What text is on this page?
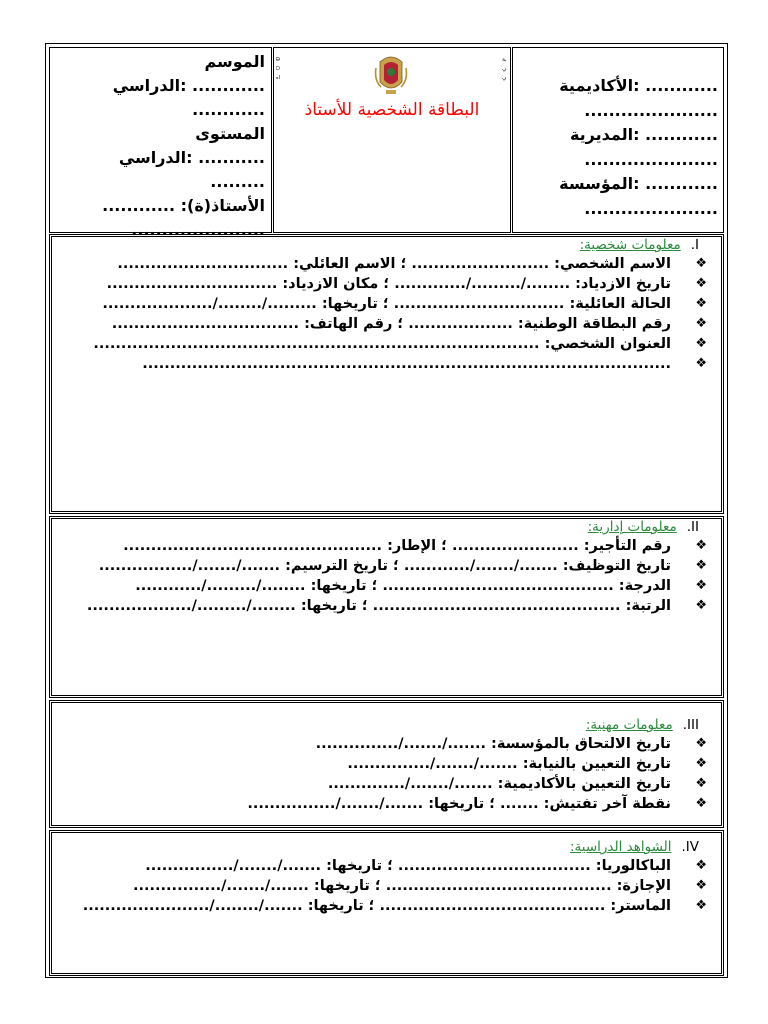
............ :الأكاديمية ......................
............ :المديرية ......................
............ :المؤسسة ......................
ⴱ
ⵔ
ⴰⵏ
ة
ي
ي
البطاقة الشخصية للأستاذ
الموسم
............ :الدراسي
............
المستوى
........... :الدراسي
.........
الأستاذ(ة): ............
......................
I.
معلومات شخصية:
❖
الاسم الشخصي: ......................... ؛ الاسم العائلي: ...............................
❖
تاريخ الازدياد: ......../........./............. ؛ مكان الازدياد: ...............................
❖
الحالة العائلية: ............................... ؛ تاريخها: ........./......../....................
❖
رقم البطاقة الوطنية: ................... ؛ رقم الهاتف: ..................................
❖
العنوان الشخصي: .................................................................................
❖
................................................................................................
II.
معلومات إدارية:
❖
رقم التأجير: ....................... ؛ الإطار: ...............................................
❖
تاريخ التوظيف: ......./......./............ ؛ تاريخ الترسيم: ......./......./.................
❖
الدرجة: .......................................... ؛ تاريخها: ......../........./............
❖
الرتبة: ............................................. ؛ تاريخها: ......../........./...................
III.
معلومات مهنية:
❖
تاريخ الالتحاق بالمؤسسة: ......./......./...............
❖
تاريخ التعيين بالنيابة: ......./......./...............
❖
تاريخ التعيين بالأكاديمية: ......./......./..............
❖
نقطة آخر تفتيش: ....... ؛ تاريخها: ......./......./................
IV.
الشواهد الدراسية:
❖
الباكالوريا: ................................... ؛ تاريخها: ......./......./................
❖
الإجازة: ......................................... ؛ تاريخها: ......./......./................
❖
الماستر: ......................................... ؛ تاريخها: ......./......../.......................
